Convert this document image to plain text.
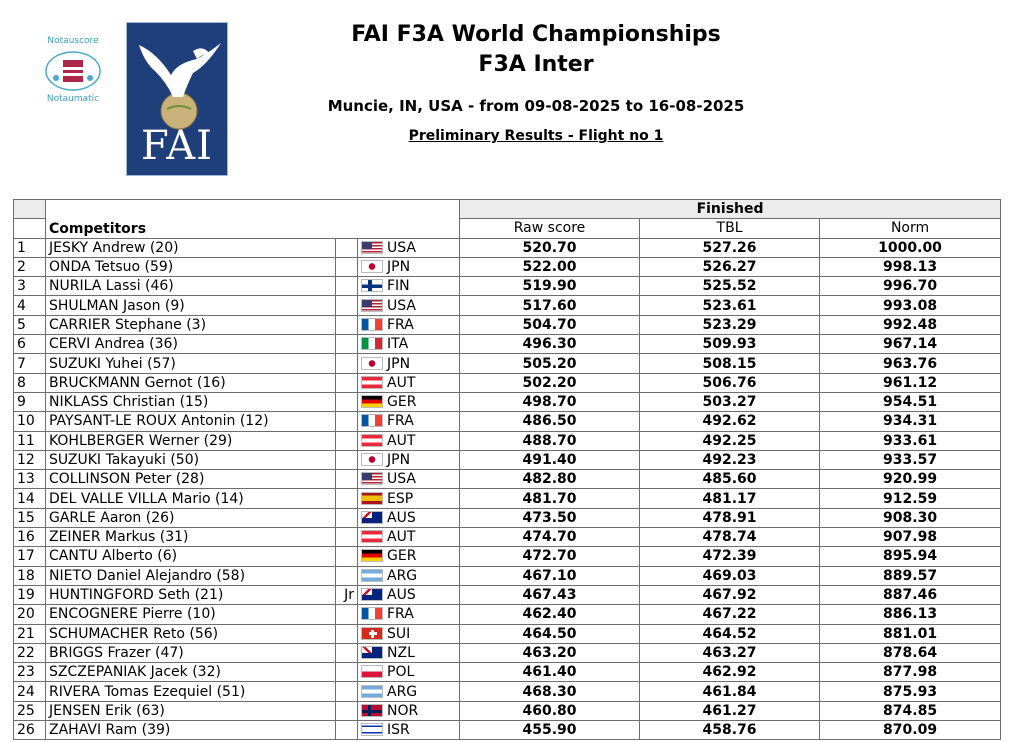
Notauscore
Notaumatic
FAI
FAI F3A World Championships
F3A Inter
Muncie, IN, USA - from 09-08-2025 to 16-08-2025
Preliminary Results - Flight no 1
	Competitors			Finished		
				Raw score	TBL	Norm
1	JESKY Andrew (20)		USA	520.70	527.26	1000.00
2	ONDA Tetsuo (59)		JPN	522.00	526.27	998.13
3	NURILA Lassi (46)		FIN	519.90	525.52	996.70
4	SHULMAN Jason (9)		USA	517.60	523.61	993.08
5	CARRIER Stephane (3)		FRA	504.70	523.29	992.48
6	CERVI Andrea (36)		ITA	496.30	509.93	967.14
7	SUZUKI Yuhei (57)		JPN	505.20	508.15	963.76
8	BRUCKMANN Gernot (16)		AUT	502.20	506.76	961.12
9	NIKLASS Christian (15)		GER	498.70	503.27	954.51
10	PAYSANT-LE ROUX Antonin (12)		FRA	486.50	492.62	934.31
11	KOHLBERGER Werner (29)		AUT	488.70	492.25	933.61
12	SUZUKI Takayuki (50)		JPN	491.40	492.23	933.57
13	COLLINSON Peter (28)		USA	482.80	485.60	920.99
14	DEL VALLE VILLA Mario (14)		ESP	481.70	481.17	912.59
15	GARLE Aaron (26)		AUS	473.50	478.91	908.30
16	ZEINER Markus (31)		AUT	474.70	478.74	907.98
17	CANTU Alberto (6)		GER	472.70	472.39	895.94
18	NIETO Daniel Alejandro (58)		ARG	467.10	469.03	889.57
19	HUNTINGFORD Seth (21)	Jr	AUS	467.43	467.92	887.46
20	ENCOGNERE Pierre (10)		FRA	462.40	467.22	886.13
21	SCHUMACHER Reto (56)		SUI	464.50	464.52	881.01
22	BRIGGS Frazer (47)		NZL	463.20	463.27	878.64
23	SZCZEPANIAK Jacek (32)		POL	461.40	462.92	877.98
24	RIVERA Tomas Ezequiel (51)		ARG	468.30	461.84	875.93
25	JENSEN Erik (63)		NOR	460.80	461.27	874.85
26	ZAHAVI Ram (39)		ISR	455.90	458.76	870.09
